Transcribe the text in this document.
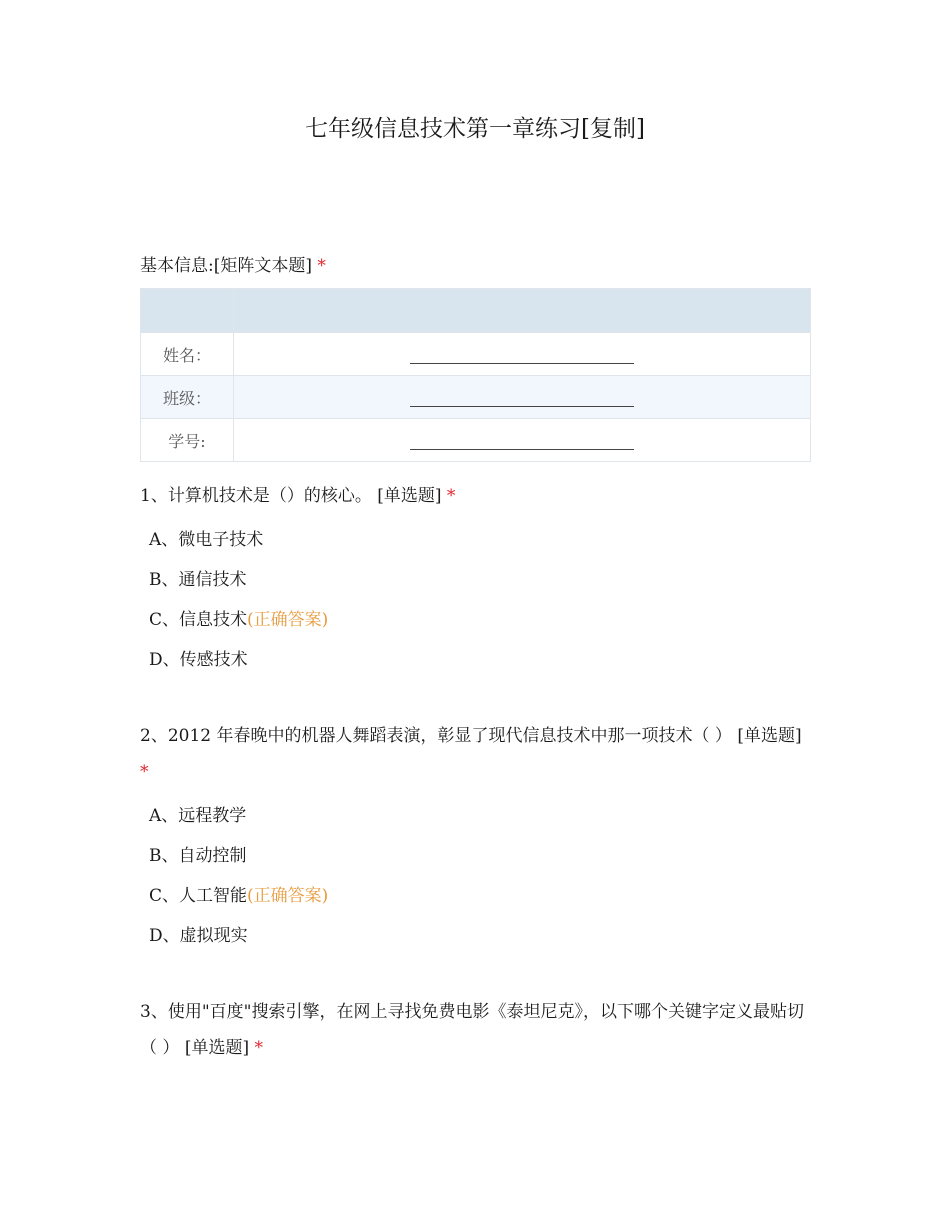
七年级信息技术第一章练习[复制]
基本信息:[矩阵文本题] *

姓名：	
班级：	
学号:	
1、计算机技术是（）的核心。 [单选题] *
A、微电子技术
B、通信技术
C、信息技术(正确答案)
D、传感技术
2、2012 年春晚中的机器人舞蹈表演，彰显了现代信息技术中那一项技术（ ） [单选题] *
A、远程教学
B、自动控制
C、人工智能(正确答案)
D、虚拟现实
3、使用"百度"搜索引擎，在网上寻找免费电影《泰坦尼克》，以下哪个关键字定义最贴切（ ） [单选题] *
